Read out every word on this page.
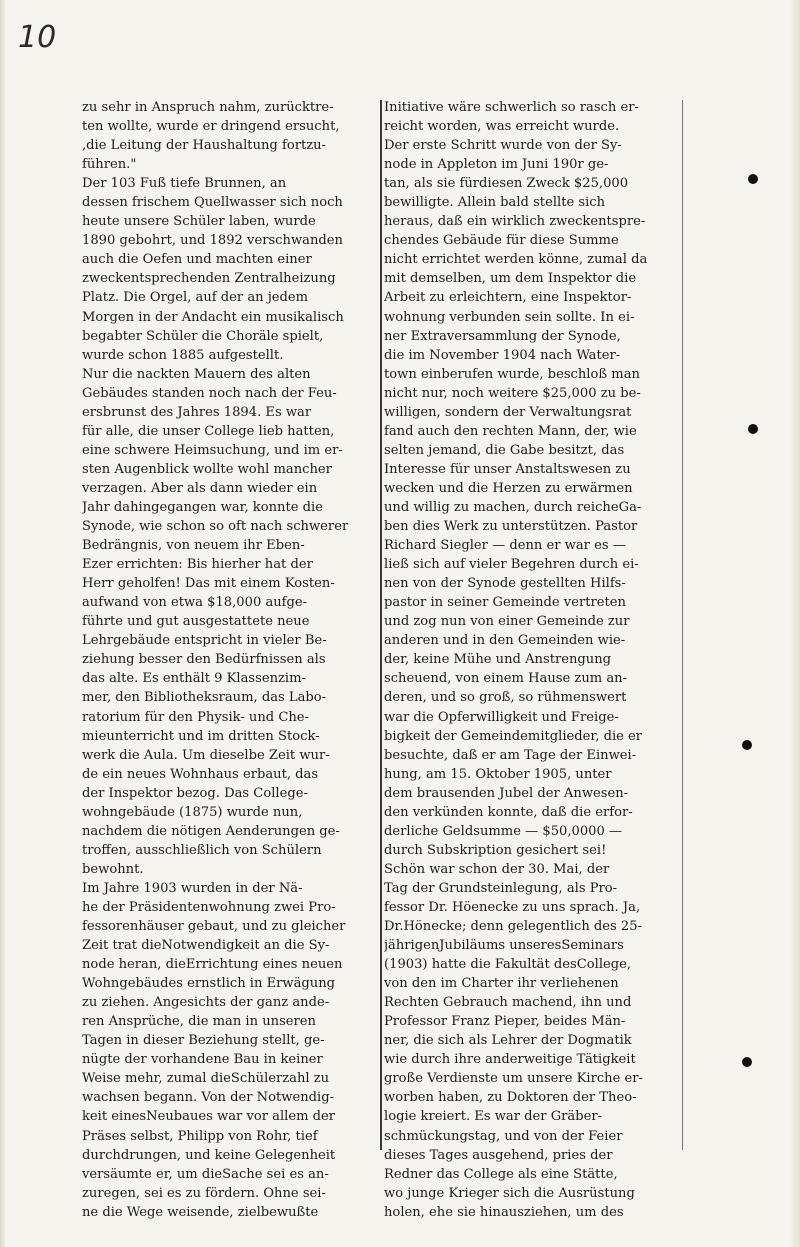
10
zu sehr in Anspruch nahm, zurücktre-
ten wollte, wurde er dringend ersucht,
,die Leitung der Haushaltung fortzu-
führen."
Der 103 Fuß tiefe Brunnen, an
dessen frischem Quellwasser sich noch
heute unsere Schüler laben, wurde
1890 gebohrt, und 1892 verschwanden
auch die Oefen und machten einer
zweckentsprechenden Zentralheizung
Platz. Die Orgel, auf der an jedem
Morgen in der Andacht ein musikalisch
begabter Schüler die Choräle spielt,
wurde schon 1885 aufgestellt.
Nur die nackten Mauern des alten
Gebäudes standen noch nach der Feu-
ersbrunst des Jahres 1894. Es war
für alle, die unser College lieb hatten,
eine schwere Heimsuchung, und im er-
sten Augenblick wollte wohl mancher
verzagen. Aber als dann wieder ein
Jahr dahingegangen war, konnte die
Synode, wie schon so oft nach schwerer
Bedrängnis, von neuem ihr Eben-
Ezer errichten: Bis hierher hat der
Herr geholfen! Das mit einem Kosten-
aufwand von etwa $18,000 aufge-
führte und gut ausgestattete neue
Lehrgebäude entspricht in vieler Be-
ziehung besser den Bedürfnissen als
das alte. Es enthält 9 Klassenzim-
mer, den Bibliotheksraum, das Labo-
ratorium für den Physik- und Che-
mieunterricht und im dritten Stock-
werk die Aula. Um dieselbe Zeit wur-
de ein neues Wohnhaus erbaut, das
der Inspektor bezog. Das College-
wohngebäude (1875) wurde nun,
nachdem die nötigen Aenderungen ge-
troffen, ausschließlich von Schülern
bewohnt.
Im Jahre 1903 wurden in der Nä-
he der Präsidentenwohnung zwei Pro-
fessorenhäuser gebaut, und zu gleicher
Zeit trat dieNotwendigkeit an die Sy-
node heran, dieErrichtung eines neuen
Wohngebäudes ernstlich in Erwägung
zu ziehen. Angesichts der ganz ande-
ren Ansprüche, die man in unseren
Tagen in dieser Beziehung stellt, ge-
nügte der vorhandene Bau in keiner
Weise mehr, zumal dieSchülerzahl zu
wachsen begann. Von der Notwendig-
keit einesNeubaues war vor allem der
Präses selbst, Philipp von Rohr, tief
durchdrungen, und keine Gelegenheit
versäumte er, um dieSache sei es an-
zuregen, sei es zu fördern. Ohne sei-
ne die Wege weisende, zielbewußte
Initiative wäre schwerlich so rasch er-
reicht worden, was erreicht wurde.
Der erste Schritt wurde von der Sy-
node in Appleton im Juni 190r ge-
tan, als sie fürdiesen Zweck $25,000
bewilligte. Allein bald stellte sich
heraus, daß ein wirklich zweckentspre-
chendes Gebäude für diese Summe
nicht errichtet werden könne, zumal da
mit demselben, um dem Inspektor die
Arbeit zu erleichtern, eine Inspektor-
wohnung verbunden sein sollte. In ei-
ner Extraversammlung der Synode,
die im November 1904 nach Water-
town einberufen wurde, beschloß man
nicht nur, noch weitere $25,000 zu be-
willigen, sondern der Verwaltungsrat
fand auch den rechten Mann, der, wie
selten jemand, die Gabe besitzt, das
Interesse für unser Anstaltswesen zu
wecken und die Herzen zu erwärmen
und willig zu machen, durch reicheGa-
ben dies Werk zu unterstützen. Pastor
Richard Siegler — denn er war es —
ließ sich auf vieler Begehren durch ei-
nen von der Synode gestellten Hilfs-
pastor in seiner Gemeinde vertreten
und zog nun von einer Gemeinde zur
anderen und in den Gemeinden wie-
der, keine Mühe und Anstrengung
scheuend, von einem Hause zum an-
deren, und so groß, so rühmenswert
war die Opferwilligkeit und Freige-
bigkeit der Gemeindemitglieder, die er
besuchte, daß er am Tage der Einwei-
hung, am 15. Oktober 1905, unter
dem brausenden Jubel der Anwesen-
den verkünden konnte, daß die erfor-
derliche Geldsumme — $50,0000 —
durch Subskription gesichert sei!
Schön war schon der 30. Mai, der
Tag der Grundsteinlegung, als Pro-
fessor Dr. Höenecke zu uns sprach. Ja,
Dr.Hönecke; denn gelegentlich des 25-
jährigenJubiläums unseresSeminars
(1903) hatte die Fakultät desCollege,
von den im Charter ihr verliehenen
Rechten Gebrauch machend, ihn und
Professor Franz Pieper, beides Män-
ner, die sich als Lehrer der Dogmatik
wie durch ihre anderweitige Tätigkeit
große Verdienste um unsere Kirche er-
worben haben, zu Doktoren der Theo-
logie kreiert. Es war der Gräber-
schmückungstag, und von der Feier
dieses Tages ausgehend, pries der
Redner das College als eine Stätte,
wo junge Krieger sich die Ausrüstung
holen, ehe sie hinausziehen, um des
